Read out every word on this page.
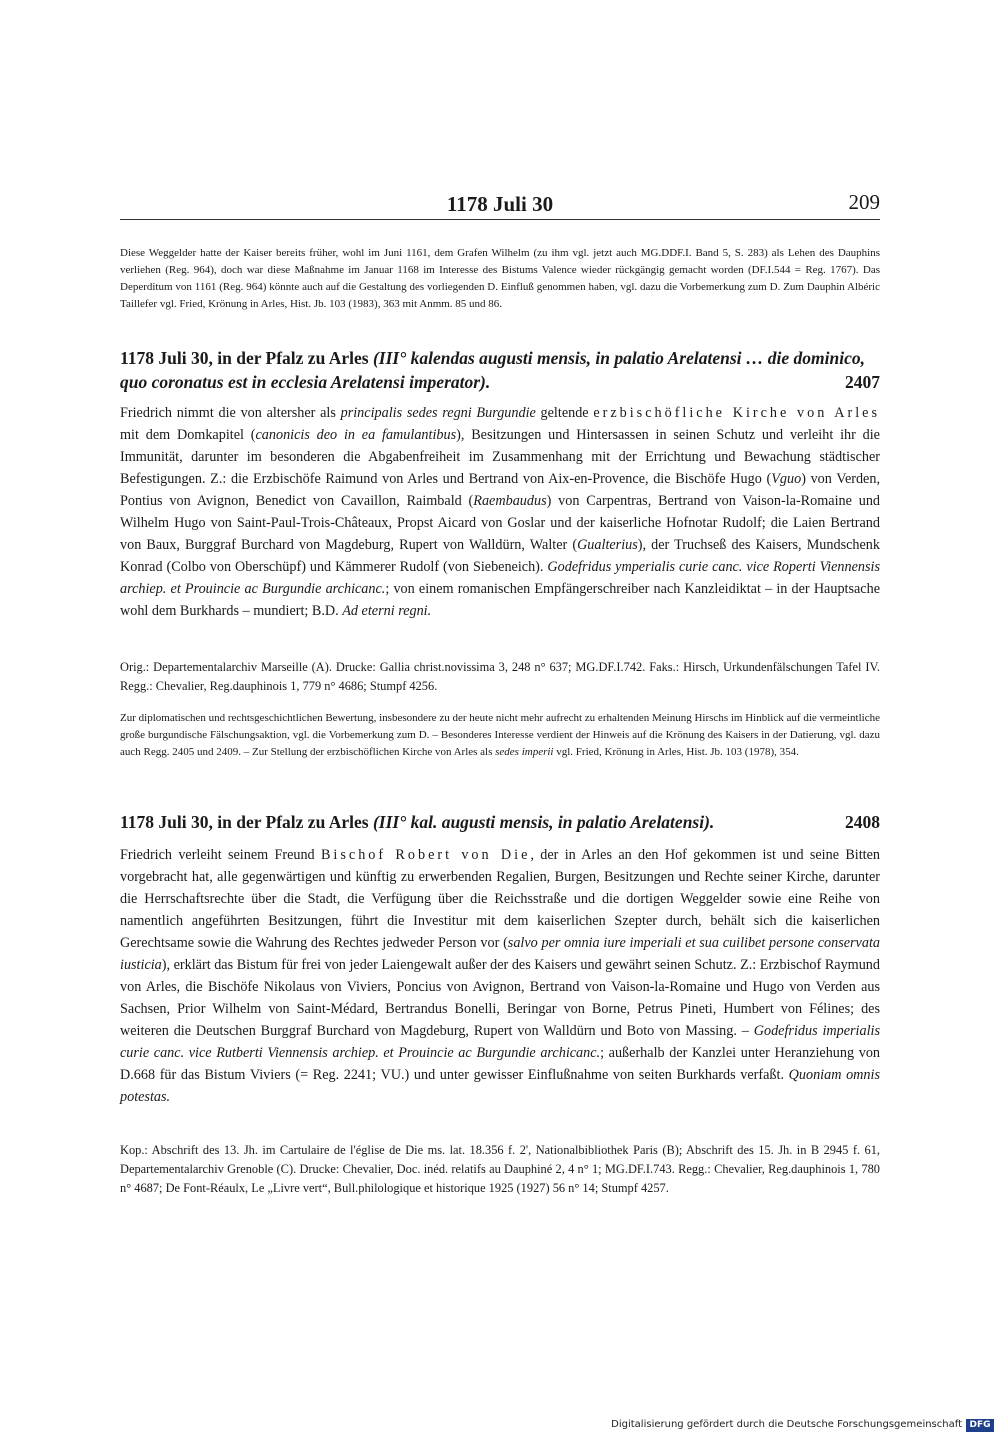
1178 Juli 30	209

Diese Weggelder hatte der Kaiser bereits früher, wohl im Juni 1161, dem Grafen Wilhelm (zu ihm vgl. jetzt auch MG.DDF.I. Band 5, S. 283) als Lehen des Dauphins verliehen (Reg. 964), doch war diese Maßnahme im Januar 1168 im Interesse des Bistums Valence wieder rückgängig gemacht worden (DF.I.544 = Reg. 1767). Das Deperditum von 1161 (Reg. 964) könnte auch auf die Gestaltung des vorliegenden D. Einfluß genommen haben, vgl. dazu die Vorbemerkung zum D. Zum Dauphin Albéric Taillefer vgl. Fried, Krönung in Arles, Hist. Jb. 103 (1983), 363 mit Anmm. 85 und 86.

1178 Juli 30, in der Pfalz zu Arles (III° kalendas augusti mensis, in palatio Arelatensi … die dominico, quo coronatus est in ecclesia Arelatensi imperator).	2407

Friedrich nimmt die von altersher als principalis sedes regni Burgundie geltende erzbischöfliche Kirche von Arles mit dem Domkapitel (canonicis deo in ea famulantibus), Besitzungen und Hintersassen in seinen Schutz und verleiht ihr die Immunität, darunter im besonderen die Abgabenfreiheit im Zusammenhang mit der Errichtung und Bewachung städtischer Befestigungen. Z.: die Erzbischöfe Raimund von Arles und Bertrand von Aix-en-Provence, die Bischöfe Hugo (Vguo) von Verden, Pontius von Avignon, Benedict von Cavaillon, Raimbald (Raembaudus) von Carpentras, Bertrand von Vaison-la-Romaine und Wilhelm Hugo von Saint-Paul-Trois-Châteaux, Propst Aicard von Goslar und der kaiserliche Hofnotar Rudolf; die Laien Bertrand von Baux, Burggraf Burchard von Magdeburg, Rupert von Walldürn, Walter (Gualterius), der Truchseß des Kaisers, Mundschenk Konrad (Colbo von Oberschüpf) und Kämmerer Rudolf (von Siebeneich). Godefridus ymperialis curie canc. vice Roperti Viennensis archiep. et Prouincie ac Burgundie archicanc.; von einem romanischen Empfängerschreiber nach Kanzleidiktat – in der Hauptsache wohl dem Burkhards – mundiert; B.D. Ad eterni regni.

Orig.: Departementalarchiv Marseille (A). Drucke: Gallia christ.novissima 3, 248 n° 637; MG.DF.I.742. Faks.: Hirsch, Urkundenfälschungen Tafel IV. Regg.: Chevalier, Reg.dauphinois 1, 779 n° 4686; Stumpf 4256.

Zur diplomatischen und rechtsgeschichtlichen Bewertung, insbesondere zu der heute nicht mehr aufrecht zu erhaltenden Meinung Hirschs im Hinblick auf die vermeintliche große burgundische Fälschungsaktion, vgl. die Vorbemerkung zum D. – Besonderes Interesse verdient der Hinweis auf die Krönung des Kaisers in der Datierung, vgl. dazu auch Regg. 2405 und 2409. – Zur Stellung der erzbischöflichen Kirche von Arles als sedes imperii vgl. Fried, Krönung in Arles, Hist. Jb. 103 (1978), 354.

1178 Juli 30, in der Pfalz zu Arles (III° kal. augusti mensis, in palatio Arelatensi).	2408

Friedrich verleiht seinem Freund Bischof Robert von Die, der in Arles an den Hof gekommen ist und seine Bitten vorgebracht hat, alle gegenwärtigen und künftig zu erwerbenden Regalien, Burgen, Besitzungen und Rechte seiner Kirche, darunter die Herrschaftsrechte über die Stadt, die Verfügung über die Reichsstraße und die dortigen Weggelder sowie eine Reihe von namentlich angeführten Besitzungen, führt die Investitur mit dem kaiserlichen Szepter durch, behält sich die kaiserlichen Gerechtsame sowie die Wahrung des Rechtes jedweder Person vor (salvo per omnia iure imperiali et sua cuilibet persone conservata iusticia), erklärt das Bistum für frei von jeder Laiengewalt außer der des Kaisers und gewährt seinen Schutz. Z.: Erzbischof Raymund von Arles, die Bischöfe Nikolaus von Viviers, Poncius von Avignon, Bertrand von Vaison-la-Romaine und Hugo von Verden aus Sachsen, Prior Wilhelm von Saint-Médard, Bertrandus Bonelli, Beringar von Borne, Petrus Pineti, Humbert von Félines; des weiteren die Deutschen Burggraf Burchard von Magdeburg, Rupert von Walldürn und Boto von Massing. – Godefridus imperialis curie canc. vice Rutberti Viennensis archiep. et Prouincie ac Burgundie archicanc.; außerhalb der Kanzlei unter Heranziehung von D.668 für das Bistum Viviers (= Reg. 2241; VU.) und unter gewisser Einflußnahme von seiten Burkhards verfaßt. Quoniam omnis potestas.

Kop.: Abschrift des 13. Jh. im Cartulaire de l'église de Die ms. lat. 18.356 f. 2', Nationalbibliothek Paris (B); Abschrift des 15. Jh. in B 2945 f. 61, Departementalarchiv Grenoble (C). Drucke: Chevalier, Doc. inéd. relatifs au Dauphiné 2, 4 n° 1; MG.DF.I.743. Regg.: Chevalier, Reg.dauphinois 1, 780 n° 4687; De Font-Réaulx, Le „Livre vert“, Bull.philologique et historique 1925 (1927) 56 n° 14; Stumpf 4257.

Digitalisierung gefördert durch die Deutsche Forschungsgemeinschaft DFG
